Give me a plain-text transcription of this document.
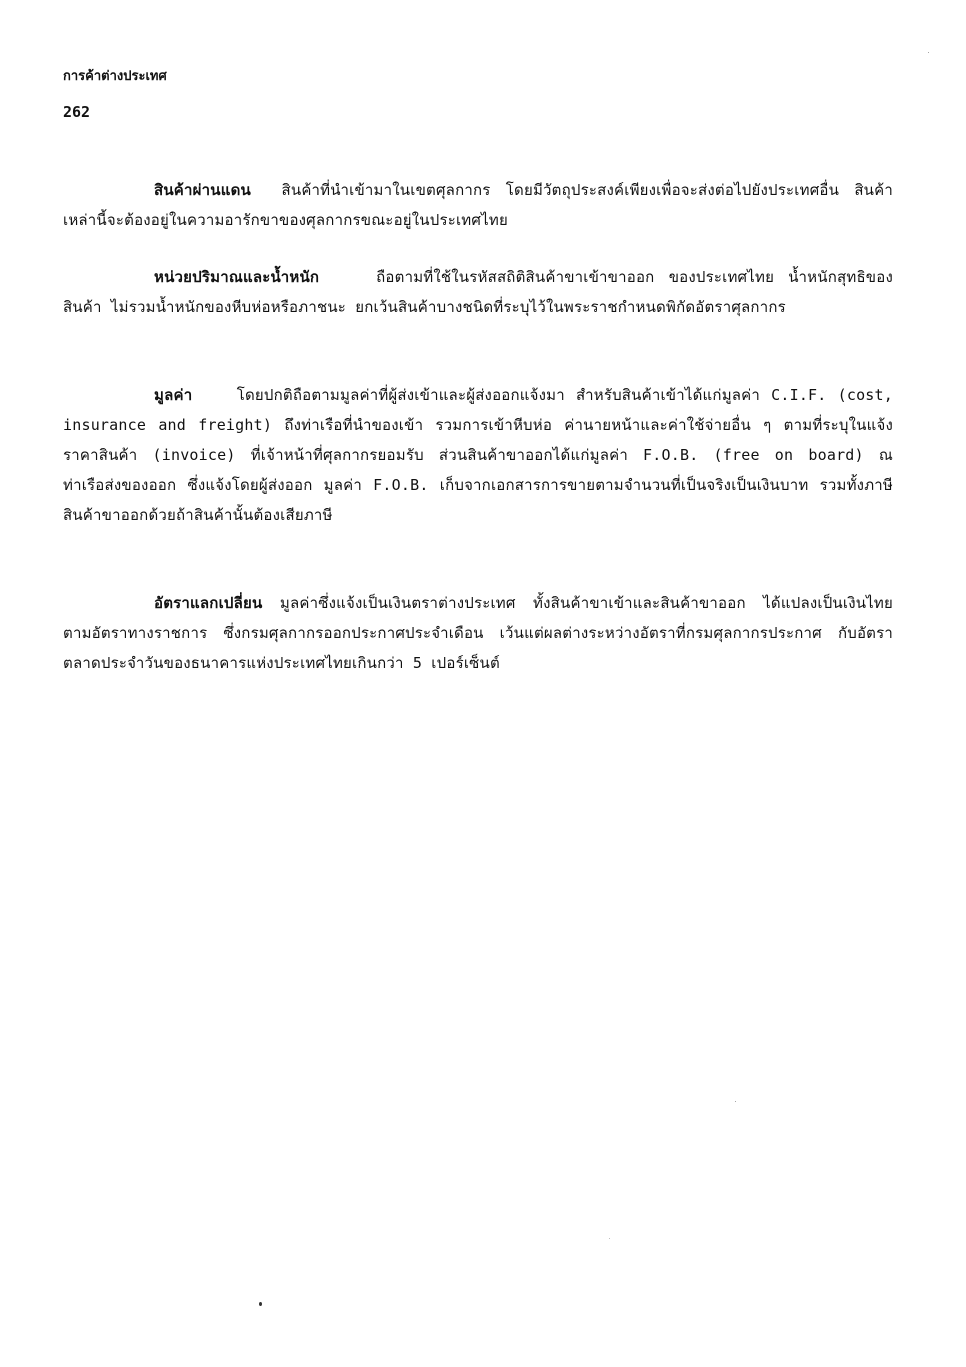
การค้าต่างประเทศ
262

สินค้าผ่านแดน สินค้าที่นำเข้ามาในเขตศุลกากร โดยมีวัตถุประสงค์เพียงเพื่อจะส่งต่อไปยังประเทศอื่น สินค้าเหล่านี้จะต้องอยู่ในความอารักขาของศุลกากรขณะอยู่ในประเทศไทย

หน่วยปริมาณและน้ำหนัก	ถือตามที่ใช้ในรหัสสถิติสินค้าขาเข้าขาออก ของประเทศไทย น้ำหนักสุทธิของสินค้า ไม่รวมน้ำหนักของหีบห่อหรือภาชนะ ยกเว้นสินค้าบางชนิดที่ระบุไว้ในพระราชกำหนดพิกัดอัตราศุลกากร

มูลค่า	โดยปกติถือตามมูลค่าที่ผู้ส่งเข้าและผู้ส่งออกแจ้งมา สำหรับสินค้าเข้าได้แก่มูลค่า C.I.F. (cost, insurance and freight) ถึงท่าเรือที่นำของเข้า รวมการเข้าหีบห่อ ค่านายหน้าและค่าใช้จ่ายอื่น ๆ ตามที่ระบุในแจ้งราคาสินค้า (invoice) ที่เจ้าหน้าที่ศุลกากรยอมรับ ส่วนสินค้าขาออกได้แก่มูลค่า F.O.B. (free on board) ณ ท่าเรือส่งของออก ซึ่งแจ้งโดยผู้ส่งออก มูลค่า F.O.B. เก็บจากเอกสารการขายตามจำนวนที่เป็นจริงเป็นเงินบาท รวมทั้งภาษีสินค้าขาออกด้วยถ้าสินค้านั้นต้องเสียภาษี

อัตราแลกเปลี่ยน มูลค่าซึ่งแจ้งเป็นเงินตราต่างประเทศ ทั้งสินค้าขาเข้าและสินค้าขาออก ได้แปลงเป็นเงินไทยตามอัตราทางราชการ ซึ่งกรมศุลกากรออกประกาศประจำเดือน เว้นแต่ผลต่างระหว่างอัตราที่กรมศุลกากรประกาศ กับอัตราตลาดประจำวันของธนาคารแห่งประเทศไทยเกินกว่า 5 เปอร์เซ็นต์
